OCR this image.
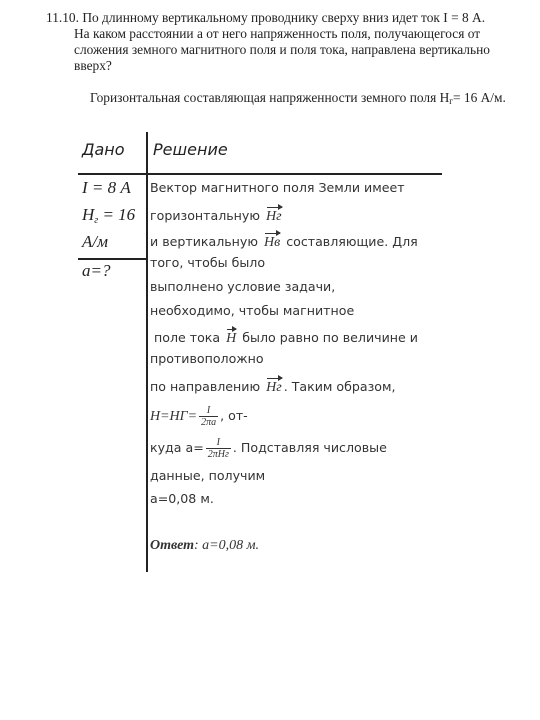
11.10. По длинному вертикальному проводнику сверху вниз идет ток I = 8 А.
На каком расстоянии a от него напряженность поля, получающегося от
сложения земного магнитного поля и поля тока, направлена вертикально
вверх?
Горизонтальная составляющая напряженности земного поля $H_г= 16$ А/м.
Дано Решение
I = 8 А
$H_г = 16$
А/м
a=?
Вектор магнитного поля Земли имеет
горизонтальную Hг
и вертикальную Hв составляющие. Для
того, чтобы было
выполнено условие задачи,
необходимо, чтобы магнитное
поле тока H было равно по величине и
противоположно
по направлению Hг . Таким образом,
$H=HГ= \frac{I}{2\pi a}$ , от-
куда $a= \frac{I}{\text{2πHг}}$ . Подставляя числовые
данные, получим
a=0,08 м.
Ответ: a=0,08 м.
